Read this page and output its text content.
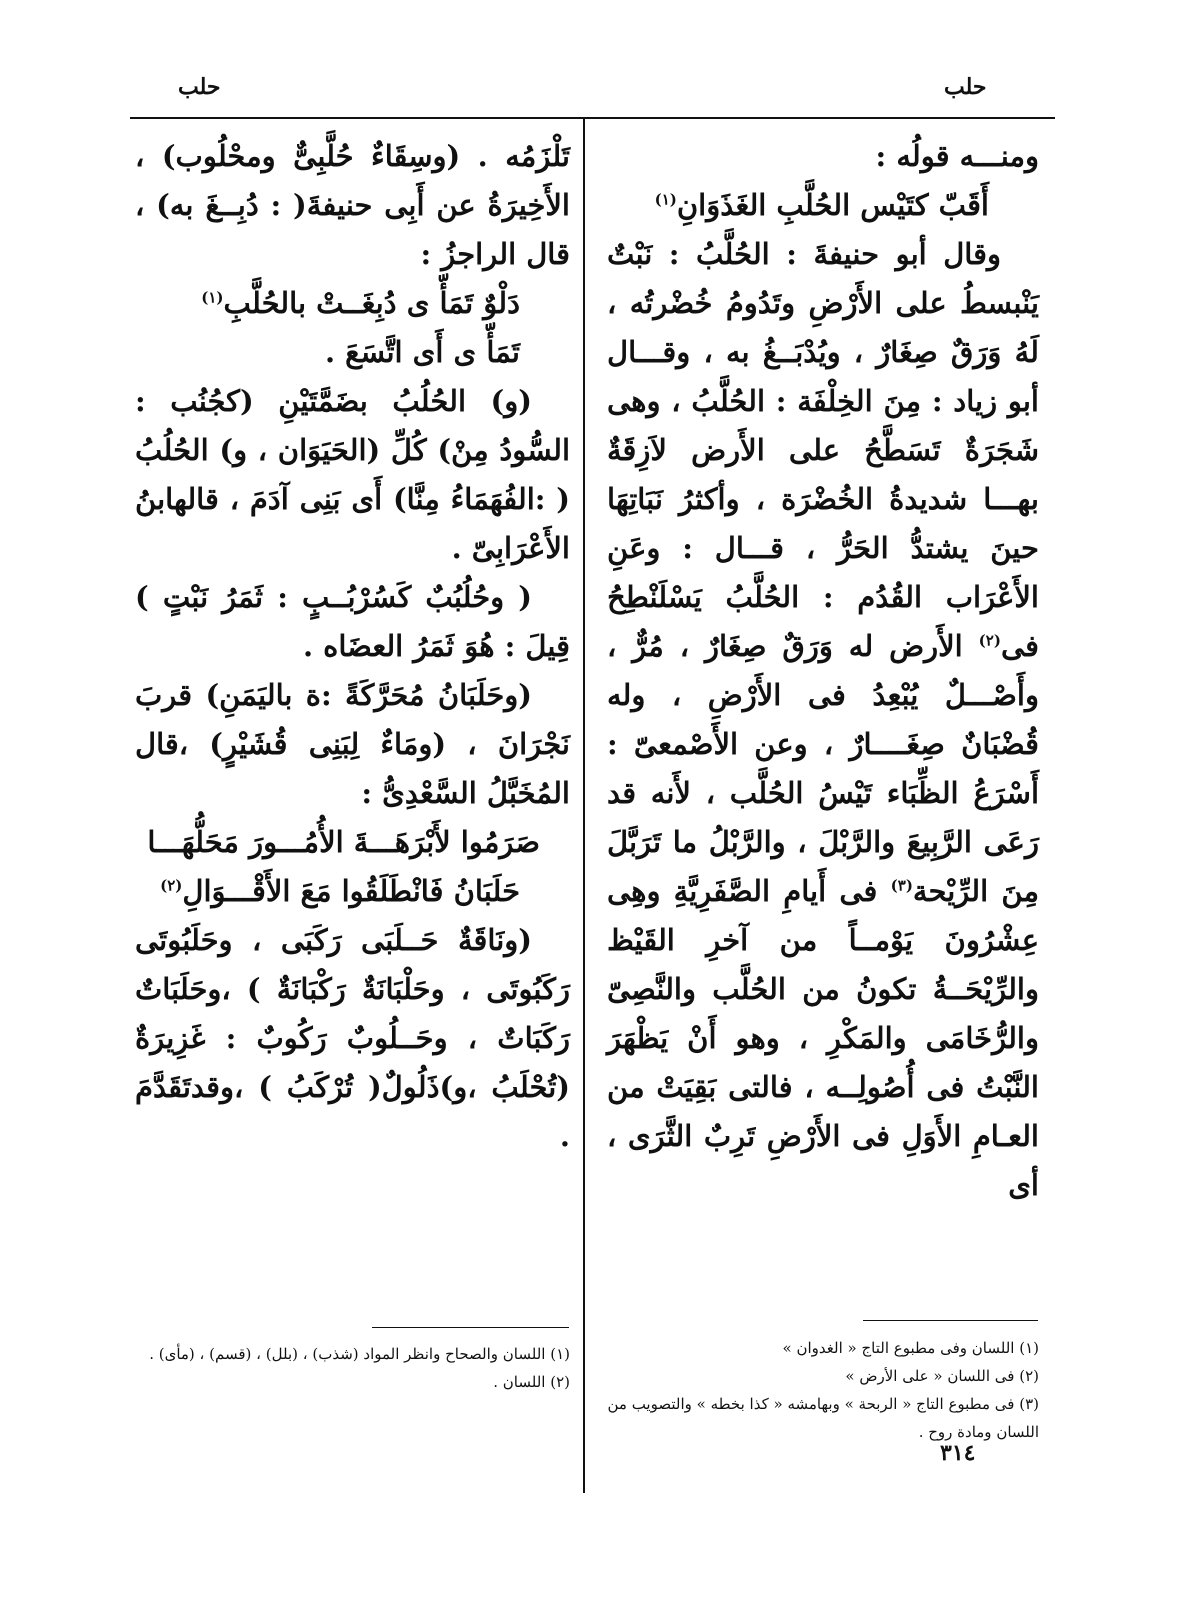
حلب
حلب

ومنـــه قولُه :

أَقَبّ كتَيْس الحُلَّبِ الغَذَوَانِ$^{(١)}$

وقال أبو حنيفةَ : الحُلَّبُ : نَبْتٌ يَنْبسطُ على الأَرْضِ وتَدُومُ خُضْرتُه ، لَهُ وَرَقٌ صِغَارٌ ، ويُدْبَــغُ به ، وقـــال أبو زياد : مِنَ الخِلْفَة : الحُلَّبُ ، وهى شَجَرَةٌ تَسَطَّحُ على الأَرض لاَزِقَةٌ بهـــا شديدةُ الخُضْرَة ، وأكثرُ نَبَاتِهَا حينَ يشتدُّ الحَرُّ ، قـــال : وعَنِ الأَعْرَاب القُدُم : الحُلَّبُ يَسْلَنْطِحُ فى$^{(٢)}$ الأَرض له وَرَقٌ صِغَارٌ ، مُرٌّ ، وأَصْـــلٌ يُبْعِدُ فى الأَرْضِ ، وله قُضْبَانٌ صِغَــــارٌ ، وعن الأَصْمعىّ : أَسْرَعُ الظِّبَاء تَيْسُ الحُلَّب ، لأَنه قد رَعَى الرَّبِيعَ والرَّبْلَ ، والرَّبْلُ ما تَرَبَّلَ مِنَ الرِّيْحة$^{(٣)}$ فى أَيامِ الصَّفَرِيَّةِ وهِى عِشْرُونَ يَوْمــاً من آخرِ القَيْظ والرِّيْحَــةُ تكونُ من الحُلَّب والنَّصِىّ والرُّخَامَى والمَكْرِ ، وهو أَنْ يَظْهَرَ النَّبْتُ فى أُصُولِــه ، فالتى بَقِيَتْ من العـامِ الأَوَلِ فى الأَرْضِ تَرِبٌ الثَّرَى ، أى

تَلْزَمُه . (وسِقَاءٌ حُلَّبِىٌّ ومحْلُوب) ، الأَخِيرَةُ عن أَبِى حنيفةَ( : دُبِــغَ به) ، قال الراجزُ :

دَلْوٌ تَمَأّ ى دُبِغَــتْ بالحُلَّبِ$^{(١)}$

تَمَأّ ى أَى اتَّسَعَ .

(و) الحُلُبُ بضَمَّتَيْنِ (كجُنُب : السُّودُ مِنْ) كُلِّ (الحَيَوَان ، و) الحُلُبُ ( :الفُهَمَاءُ مِنَّا) أَى بَنِى آدَمَ ، قالهابنُ الأَعْرَابِىّ .

( وحُلُبُبٌ كَسُرْبُــبٍ : ثَمَرُ نَبْتٍ ) قِيلَ : هُوَ ثَمَرُ العضَاه .

(وحَلَبَانُ مُحَرَّكَةً :ة باليَمَنِ) قربَ نَجْرَانَ ، (ومَاءٌ لِبَنِى قُشَيْرٍ) ،قال المُخَبَّلُ السَّعْدِىُّ :

صَرَمُوا لأَبْرَهَـــةَ الأُمُـــورَ مَحَلُّهَـــا

حَلَبَانُ فَانْطَلَقُوا مَعَ الأَقْـــوَالِ$^{(٢)}$

(ونَاقَةٌ حَــلَبَى رَكَبَى ، وحَلَبُوتَى رَكَبُوتَى ، وحَلْبَانَةٌ رَكْبَانَةٌ ) ،وحَلَبَاتٌ رَكَبَاتٌ ، وحَــلُوبٌ رَكُوبٌ : غَزِيرَةٌ (تُحْلَبُ ،و)ذَلُولٌ( تُرْكَبُ ) ،وقدتَقَدَّمَ .

(١) اللسان وفى مطبوع التاج « الغدوان »
(٢) فى اللسان « على الأرض »
(٣) فى مطبوع التاج « الربحة » وبهامشه « كذا بخطه » والتصويب من اللسان ومادة روح .
(١) اللسان والصحاح وانظر المواد (شذب) ، (بلل) ، (قسم) ، (مأى) .
(٢) اللسان .
٣١٤
